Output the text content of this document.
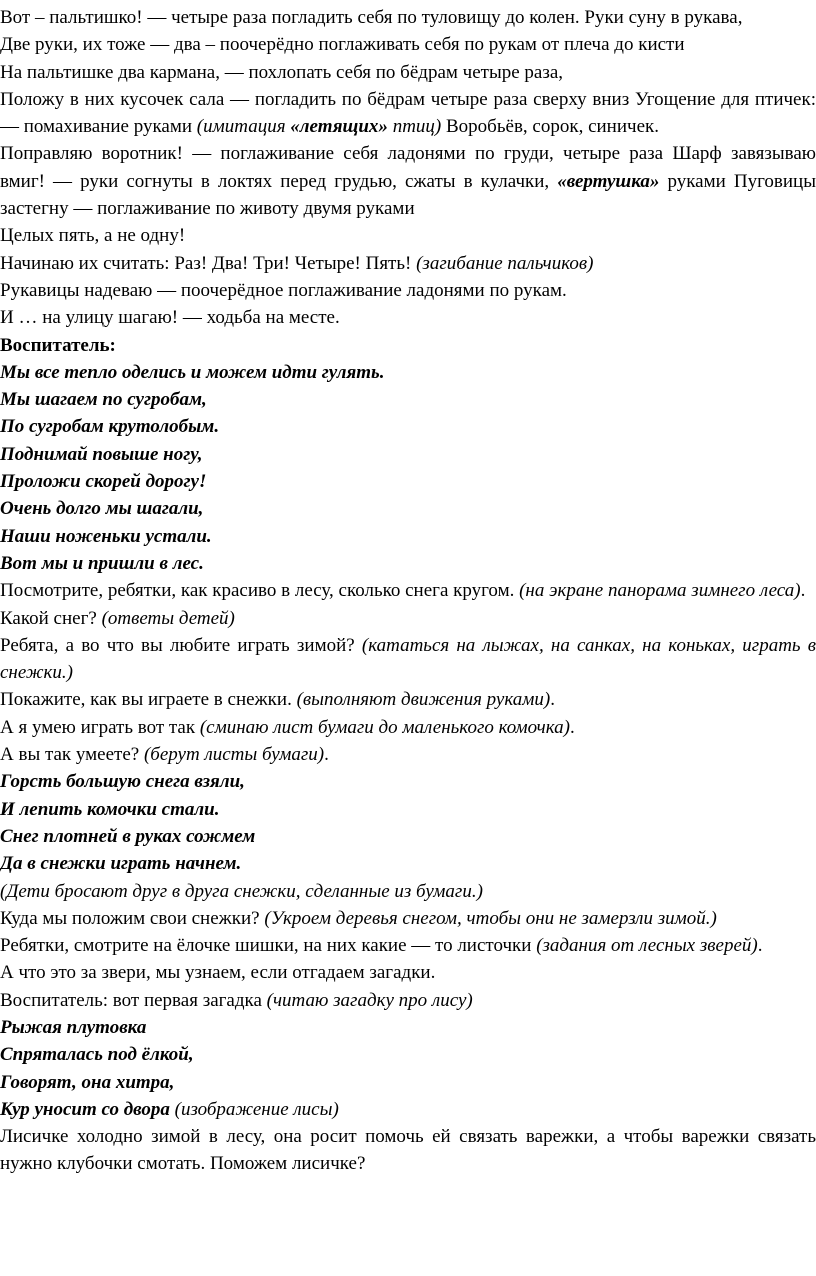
Вот – пальтишко! — четыре раза погладить себя по туловищу до колен. Руки суну в рукава,

Две руки, их тоже — два – поочерёдно поглаживать себя по рукам от плеча до кисти

На пальтишке два кармана, — похлопать себя по бёдрам четыре раза,

Положу в них кусочек сала — погладить по бёдрам четыре раза сверху вниз Угощение для птичек: — помахивание руками (имитация «летящих» птиц) Воробьёв, сорок, синичек.

Поправляю воротник! — поглаживание себя ладонями по груди, четыре раза Шарф завязываю вмиг! — руки согнуты в локтях перед грудью, сжаты в кулачки, «вертушка» руками Пуговицы застегну — поглаживание по животу двумя руками

Целых пять, а не одну!

Начинаю их считать: Раз! Два! Три! Четыре! Пять! (загибание пальчиков)

Рукавицы надеваю — поочерёдное поглаживание ладонями по рукам.

И … на улицу шагаю! — ходьба на месте.

Воспитатель:

Мы все тепло оделись и можем идти гулять.

Мы шагаем по сугробам,

По сугробам крутолобым.

Поднимай повыше ногу,

Проложи скорей дорогу!

Очень долго мы шагали,

Наши ноженьки устали.

Вот мы и пришли в лес.

Посмотрите, ребятки, как красиво в лесу, сколько снега кругом. (на экране панорама зимнего леса).

Какой снег? (ответы детей)

Ребята, а во что вы любите играть зимой? (кататься на лыжах, на санках, на коньках, играть в снежки.)

Покажите, как вы играете в снежки. (выполняют движения руками).

А я умею играть вот так (сминаю лист бумаги до маленького комочка).

А вы так умеете? (берут листы бумаги).

Горсть большую снега взяли,

И лепить комочки стали.

Снег плотней в руках сожмем

Да в снежки играть начнем.

(Дети бросают друг в друга снежки, сделанные из бумаги.)

Куда мы положим свои снежки? (Укроем деревья снегом, чтобы они не замерзли зимой.)

Ребятки, смотрите на ёлочке шишки, на них какие — то листочки (задания от лесных зверей).

А что это за звери, мы узнаем, если отгадаем загадки.

Воспитатель: вот первая загадка (читаю загадку про лису)

Рыжая плутовка

Спряталась под ёлкой,

Говорят, она хитра,

Кур уносит со двора (изображение лисы)

Лисичке холодно зимой в лесу, она росит помочь ей связать варежки, а чтобы варежки связать нужно клубочки смотать. Поможем лисичке?
